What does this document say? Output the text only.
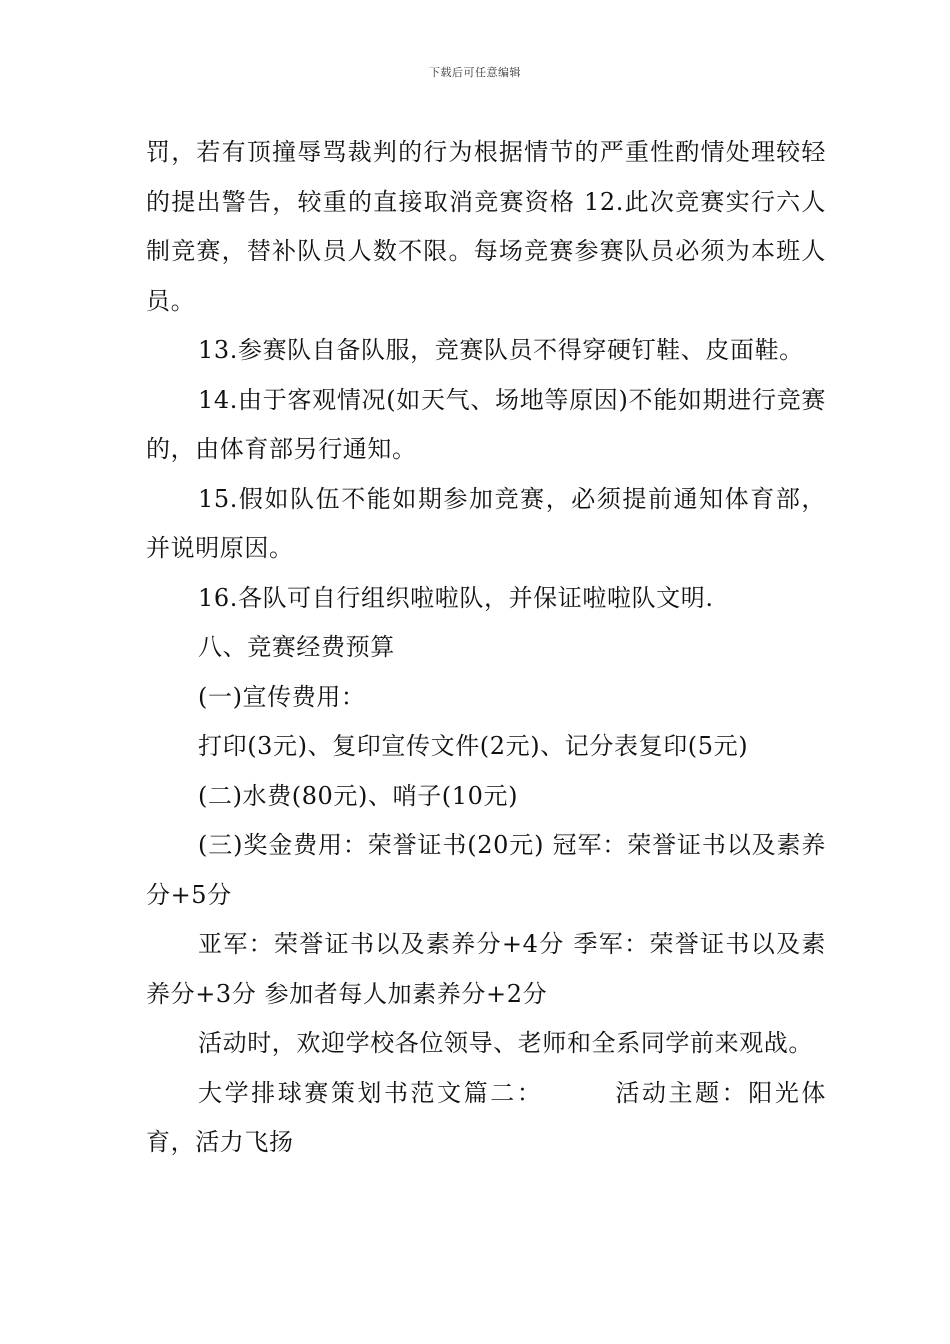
下载后可任意编辑

罚，若有顶撞辱骂裁判的行为根据情节的严重性酌情处理较轻的提出警告，较重的直接取消竞赛资格 12.此次竞赛实行六人制竞赛，替补队员人数不限。每场竞赛参赛队员必须为本班人员。

13.参赛队自备队服，竞赛队员不得穿硬钉鞋、皮面鞋。

14.由于客观情况(如天气、场地等原因)不能如期进行竞赛的，由体育部另行通知。

15.假如队伍不能如期参加竞赛，必须提前通知体育部，并说明原因。

16.各队可自行组织啦啦队，并保证啦啦队文明.

八、竞赛经费预算

(一)宣传费用：

打印(3元)、复印宣传文件(2元)、记分表复印(5元)

(二)水费(80元)、哨子(10元)

(三)奖金费用：荣誉证书(20元) 冠军：荣誉证书以及素养分+5分

亚军：荣誉证书以及素养分+4分 季军：荣誉证书以及素养分+3分 参加者每人加素养分+2分

活动时，欢迎学校各位领导、老师和全系同学前来观战。

大学排球赛策划书范文篇二：	活动主题：阳光体育，活力飞扬
